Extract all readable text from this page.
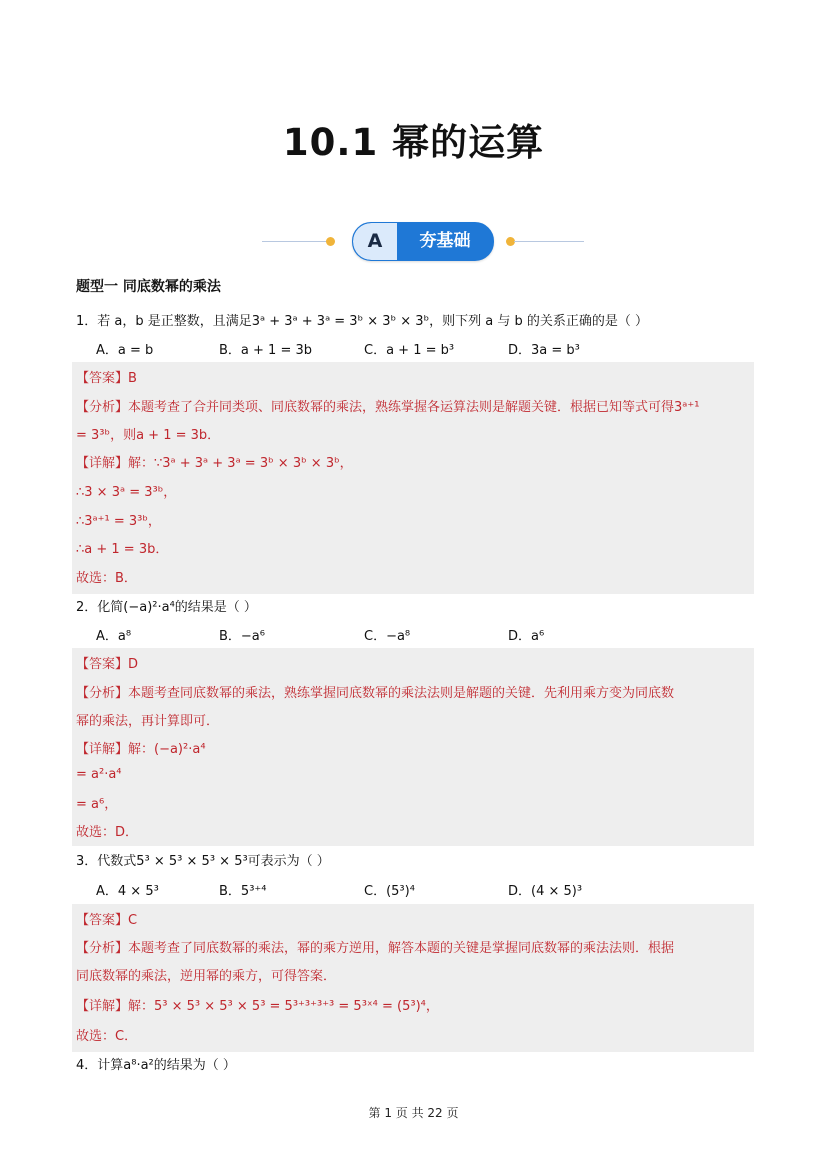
10.1 幂的运算
A	夯基础
题型一 同底数幂的乘法
1．若 a，b 是正整数，且满足3ᵃ + 3ᵃ + 3ᵃ = 3ᵇ × 3ᵇ × 3ᵇ，则下列 a 与 b 的关系正确的是（ ）
A．a = b	B．a + 1 = 3b	C．a + 1 = b³	D．3a = b³
【答案】B
【分析】本题考查了合并同类项、同底数幂的乘法，熟练掌握各运算法则是解题关键．根据已知等式可得3ᵃ⁺¹
= 3³ᵇ，则a + 1 = 3b．
【详解】解：∵3ᵃ + 3ᵃ + 3ᵃ = 3ᵇ × 3ᵇ × 3ᵇ，
∴3 × 3ᵃ = 3³ᵇ，
∴3ᵃ⁺¹ = 3³ᵇ，
∴a + 1 = 3b．
故选：B．
2．化简(−a)²·a⁴的结果是（ ）
A．a⁸	B．−a⁶	C．−a⁸	D．a⁶
【答案】D
【分析】本题考查同底数幂的乘法，熟练掌握同底数幂的乘法法则是解题的关键．先利用乘方变为同底数
幂的乘法，再计算即可．
【详解】解：(−a)²·a⁴
= a²·a⁴
= a⁶，
故选：D．
3．代数式5³ × 5³ × 5³ × 5³可表示为（ ）
A．4 × 5³	B．5³⁺⁴	C．(5³)⁴	D．(4 × 5)³
【答案】C
【分析】本题考查了同底数幂的乘法，幂的乘方逆用，解答本题的关键是掌握同底数幂的乘法法则．根据
同底数幂的乘法，逆用幂的乘方，可得答案．
【详解】解：5³ × 5³ × 5³ × 5³ = 5³⁺³⁺³⁺³ = 5³ˣ⁴ = (5³)⁴，
故选：C．
4．计算a⁸·a²的结果为（ ）
第 1 页 共 22 页
